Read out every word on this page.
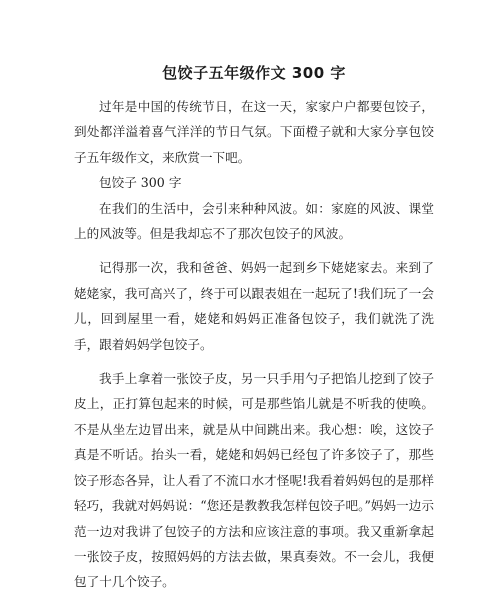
包饺子五年级作文 300 字

过年是中国的传统节日，在这一天，家家户户都要包饺子，到处都洋溢着喜气洋洋的节日气氛。下面橙子就和大家分享包饺子五年级作文，来欣赏一下吧。

包饺子 300 字

在我们的生活中，会引来种种风波。如：家庭的风波、课堂上的风波等。但是我却忘不了那次包饺子的风波。

记得那一次，我和爸爸、妈妈一起到乡下姥姥家去。来到了姥姥家，我可高兴了，终于可以跟表姐在一起玩了!我们玩了一会儿，回到屋里一看，姥姥和妈妈正准备包饺子，我们就洗了洗手，跟着妈妈学包饺子。

我手上拿着一张饺子皮，另一只手用勺子把馅儿挖到了饺子皮上，正打算包起来的时候，可是那些馅儿就是不听我的使唤。不是从坐左边冒出来，就是从中间跳出来。我心想：唉，这饺子真是不听话。抬头一看，姥姥和妈妈已经包了许多饺子了，那些饺子形态各异，让人看了不流口水才怪呢!我看着妈妈包的是那样轻巧，我就对妈妈说：“您还是教教我怎样包饺子吧。”妈妈一边示范一边对我讲了包饺子的方法和应该注意的事项。我又重新拿起一张饺子皮，按照妈妈的方法去做，果真奏效。不一会儿，我便包了十几个饺子。
